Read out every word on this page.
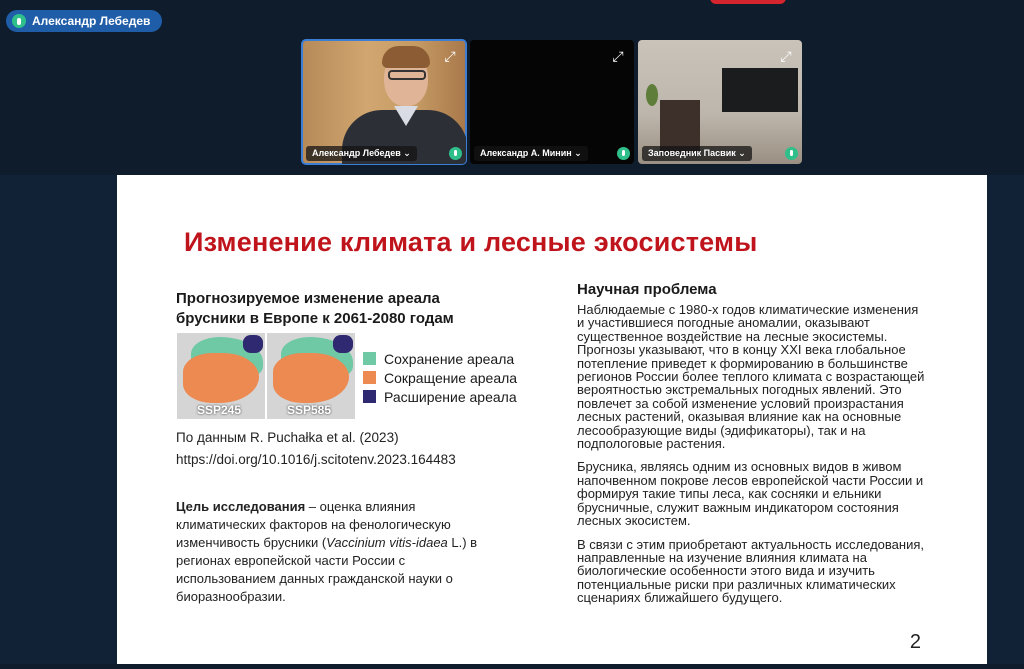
Александр Лебедев
⤢
Александр Лебедев ⌄
⤢
Александр А. Минин ⌄
⤢
Заповедник Пасвик ⌄
Изменение климата и лесные экосистемы
Прогнозируемое изменение ареала брусники в Европе к 2061-2080 годам
SSP245	SSP585
Сохранение ареала
Сокращение ареала
Расширение ареала
По данным R. Puchałka et al. (2023)
https://doi.org/10.1016/j.scitotenv.2023.164483
Цель исследования – оценка влияния климатических факторов на фенологическую изменчивость брусники (Vaccinium vitis-idaea L.) в регионах европейской части России с использованием данных гражданской науки о биоразнообразии.
Научная проблема

Наблюдаемые с 1980-х годов климатические изменения и участившиеся погодные аномалии, оказывают существенное воздействие на лесные экосистемы. Прогнозы указывают, что в концу XXI века глобальное потепление приведет к формированию в большинстве регионов России более теплого климата с возрастающей вероятностью экстремальных погодных явлений. Это повлечет за собой изменение условий произрастания лесных растений, оказывая влияние как на основные лесообразующие виды (эдификаторы), так и на подпологовые растения.

Брусника, являясь одним из основных видов в живом напочвенном покрове лесов европейской части России и формируя такие типы леса, как сосняки и ельники брусничные, служит важным индикатором состояния лесных экосистем.

В связи с этим приобретают актуальность исследования, направленные на изучение влияния климата на биологические особенности этого вида и изучить потенциальные риски при различных климатических сценариях ближайшего будущего.

2
